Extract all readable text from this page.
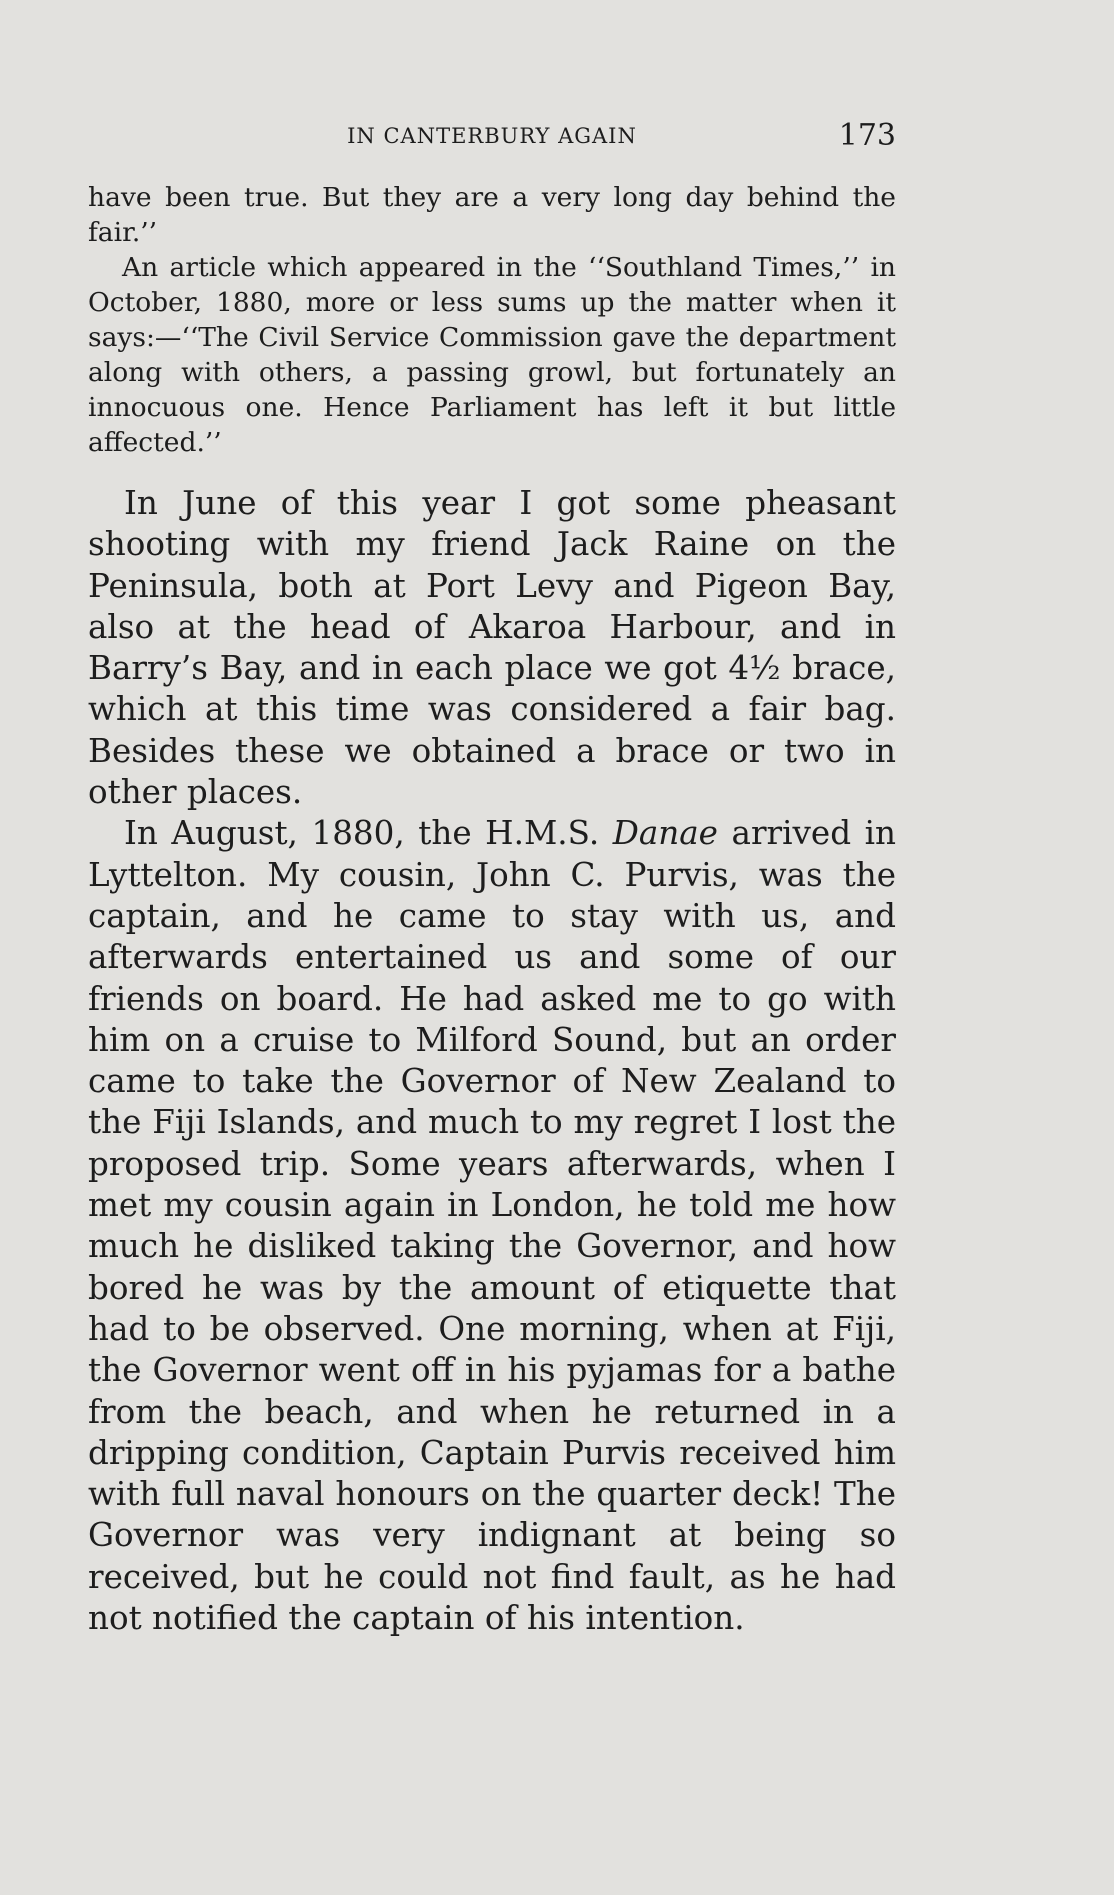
IN CANTERBURY AGAIN	173

have been true. But they are a very long day behind the fair.’’

An article which appeared in the ‘‘Southland Times,’’ in October, 1880, more or less sums up the matter when it says:—‘‘The Civil Service Commission gave the department along with others, a passing growl, but fortunately an innocuous one. Hence Parliament has left it but little affected.’’

In June of this year I got some pheasant shooting with my friend Jack Raine on the Peninsula, both at Port Levy and Pigeon Bay, also at the head of Akaroa Harbour, and in Barry’s Bay, and in each place we got 4½ brace, which at this time was considered a fair bag. Besides these we obtained a brace or two in other places.

In August, 1880, the H.M.S. Danae arrived in Lyttelton. My cousin, John C. Purvis, was the captain, and he came to stay with us, and afterwards entertained us and some of our friends on board. He had asked me to go with him on a cruise to Milford Sound, but an order came to take the Governor of New Zealand to the Fiji Islands, and much to my regret I lost the proposed trip. Some years afterwards, when I met my cousin again in London, he told me how much he disliked taking the Governor, and how bored he was by the amount of etiquette that had to be observed. One morning, when at Fiji, the Governor went off in his pyjamas for a bathe from the beach, and when he returned in a dripping condition, Captain Purvis received him with full naval honours on the quarter deck! The Governor was very indignant at being so received, but he could not find fault, as he had not notified the captain of his intention.
